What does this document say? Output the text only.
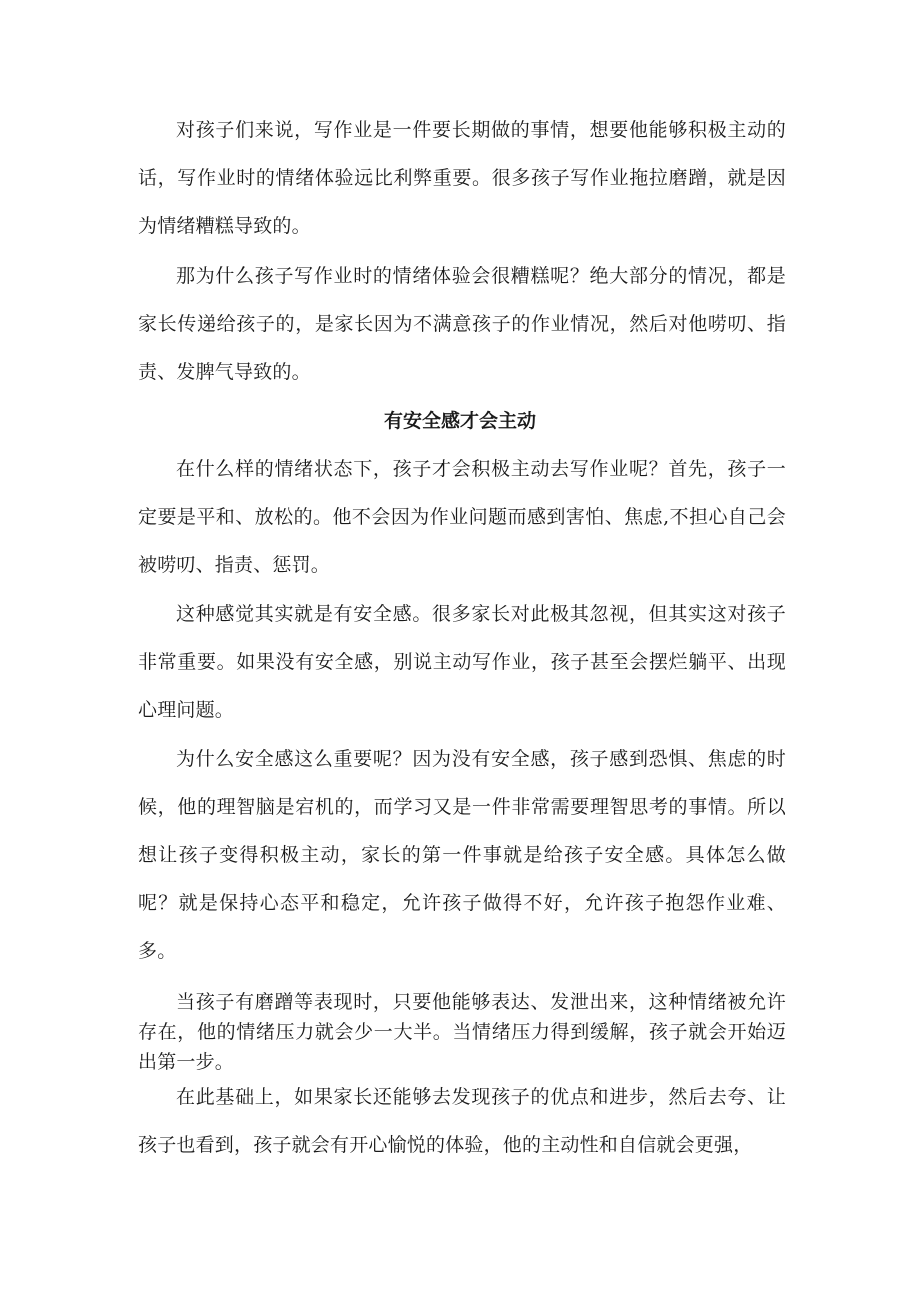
对孩子们来说，写作业是一件要长期做的事情，想要他能够积极主动的话，写作业时的情绪体验远比利弊重要。很多孩子写作业拖拉磨蹭，就是因为情绪糟糕导致的。

那为什么孩子写作业时的情绪体验会很糟糕呢？绝大部分的情况，都是家长传递给孩子的，是家长因为不满意孩子的作业情况，然后对他唠叨、指责、发脾气导致的。

有安全感才会主动

在什么样的情绪状态下，孩子才会积极主动去写作业呢？首先，孩子一定要是平和、放松的。他不会因为作业问题而感到害怕、焦虑,不担心自己会被唠叨、指责、惩罚。

这种感觉其实就是有安全感。很多家长对此极其忽视，但其实这对孩子非常重要。如果没有安全感，别说主动写作业，孩子甚至会摆烂躺平、出现心理问题。

为什么安全感这么重要呢？因为没有安全感，孩子感到恐惧、焦虑的时候，他的理智脑是宕机的，而学习又是一件非常需要理智思考的事情。所以想让孩子变得积极主动，家长的第一件事就是给孩子安全感。具体怎么做呢？就是保持心态平和稳定，允许孩子做得不好，允许孩子抱怨作业难、多。

当孩子有磨蹭等表现时，只要他能够表达、发泄出来，这种情绪被允许存在，他的情绪压力就会少一大半。当情绪压力得到缓解，孩子就会开始迈出第一步。

在此基础上，如果家长还能够去发现孩子的优点和进步，然后去夸、让孩子也看到，孩子就会有开心愉悦的体验，他的主动性和自信就会更强，
